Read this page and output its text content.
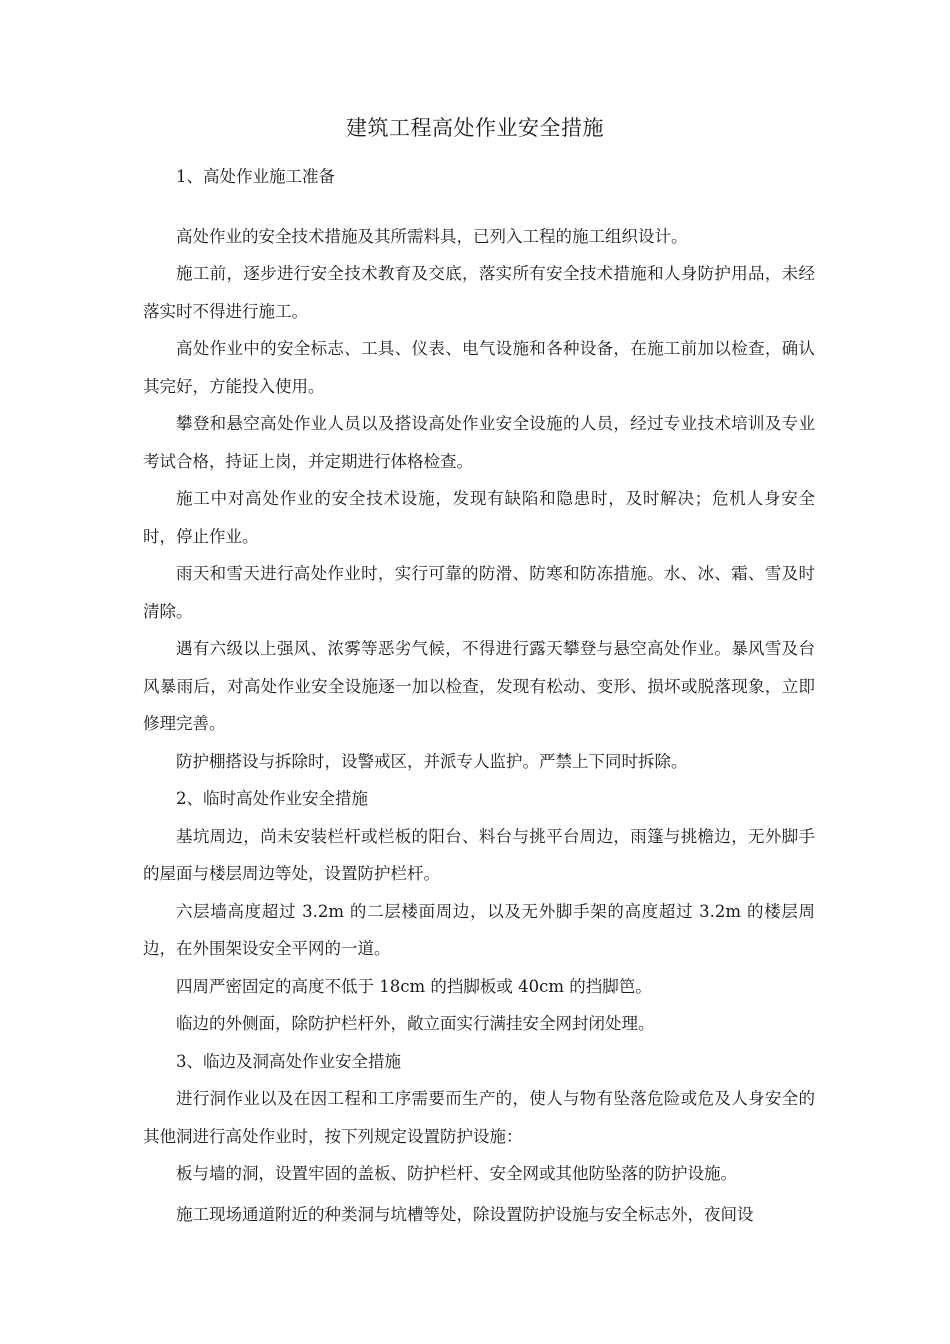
建筑工程高处作业安全措施

1、高处作业施工准备

高处作业的安全技术措施及其所需料具，已列入工程的施工组织设计。

施工前，逐步进行安全技术教育及交底，落实所有安全技术措施和人身防护用品，未经落实时不得进行施工。

高处作业中的安全标志、工具、仪表、电气设施和各种设备，在施工前加以检查，确认其完好，方能投入使用。

攀登和悬空高处作业人员以及搭设高处作业安全设施的人员，经过专业技术培训及专业考试合格，持证上岗，并定期进行体格检查。

施工中对高处作业的安全技术设施，发现有缺陷和隐患时，及时解决；危机人身安全时，停止作业。

雨天和雪天进行高处作业时，实行可靠的防滑、防寒和防冻措施。水、冰、霜、雪及时清除。

遇有六级以上强风、浓雾等恶劣气候，不得进行露天攀登与悬空高处作业。暴风雪及台风暴雨后，对高处作业安全设施逐一加以检查，发现有松动、变形、损坏或脱落现象，立即修理完善。

防护棚搭设与拆除时，设警戒区，并派专人监护。严禁上下同时拆除。

2、临时高处作业安全措施

基坑周边，尚未安装栏杆或栏板的阳台、料台与挑平台周边，雨篷与挑檐边，无外脚手的屋面与楼层周边等处，设置防护栏杆。

六层墙高度超过 3.2m 的二层楼面周边，以及无外脚手架的高度超过 3.2m 的楼层周边，在外围架设安全平网的一道。

四周严密固定的高度不低于 18cm 的挡脚板或 40cm 的挡脚笆。

临边的外侧面，除防护栏杆外，敞立面实行满挂安全网封闭处理。

3、临边及洞高处作业安全措施

进行洞作业以及在因工程和工序需要而生产的，使人与物有坠落危险或危及人身安全的其他洞进行高处作业时，按下列规定设置防护设施：

板与墙的洞，设置牢固的盖板、防护栏杆、安全网或其他防坠落的防护设施。

施工现场通道附近的种类洞与坑槽等处，除设置防护设施与安全标志外，夜间设
